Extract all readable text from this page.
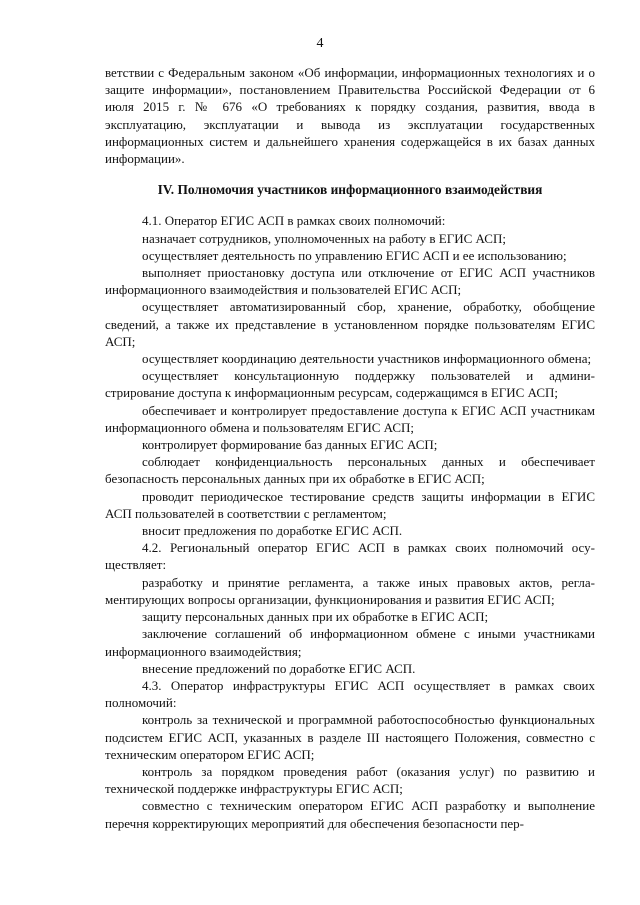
4

ветствии с Федеральным законом «Об информации, информационных технологиях и о защите информации», постановлением Правительства Российской Федерации от 6 июля 2015 г. № 676 «О требованиях к порядку создания, развития, ввода в эксплуатацию, эксплуатации и вывода из эксплуатации государственных информационных систем и дальнейшего хранения содержащейся в их базах данных информации».

IV. Полномочия участников информационного взаимодействия

4.1. Оператор ЕГИС АСП в рамках своих полномочий:

назначает сотрудников, уполномоченных на работу в ЕГИС АСП;

осуществляет деятельность по управлению ЕГИС АСП и ее использованию;

выполняет приостановку доступа или отключение от ЕГИС АСП участников информационного взаимодействия и пользователей ЕГИС АСП;

осуществляет автоматизированный сбор, хранение, обработку, обобщение сведений, а также их представление в установленном порядке пользователям ЕГИС АСП;

осуществляет координацию деятельности участников информационного обмена;

осуществляет консультационную поддержку пользователей и администрирование доступа к информационным ресурсам, содержащимся в ЕГИС АСП;

обеспечивает и контролирует предоставление доступа к ЕГИС АСП участникам информационного обмена и пользователям ЕГИС АСП;

контролирует формирование баз данных ЕГИС АСП;

соблюдает конфиденциальность персональных данных и обеспечивает безопасность персональных данных при их обработке в ЕГИС АСП;

проводит периодическое тестирование средств защиты информации в ЕГИС АСП пользователей в соответствии с регламентом;

вносит предложения по доработке ЕГИС АСП.

4.2. Региональный оператор ЕГИС АСП в рамках своих полномочий осуществляет:

разработку и принятие регламента, а также иных правовых актов, регламентирующих вопросы организации, функционирования и развития ЕГИС АСП;

защиту персональных данных при их обработке в ЕГИС АСП;

заключение соглашений об информационном обмене с иными участниками информационного взаимодействия;

внесение предложений по доработке ЕГИС АСП.

4.3. Оператор инфраструктуры ЕГИС АСП осуществляет в рамках своих полномочий:

контроль за технической и программной работоспособностью функциональных подсистем ЕГИС АСП, указанных в разделе III настоящего Положения, совместно с техническим оператором ЕГИС АСП;

контроль за порядком проведения работ (оказания услуг) по развитию и технической поддержке инфраструктуры ЕГИС АСП;

совместно с техническим оператором ЕГИС АСП разработку и выполнение перечня корректирующих мероприятий для обеспечения безопасности пер-
